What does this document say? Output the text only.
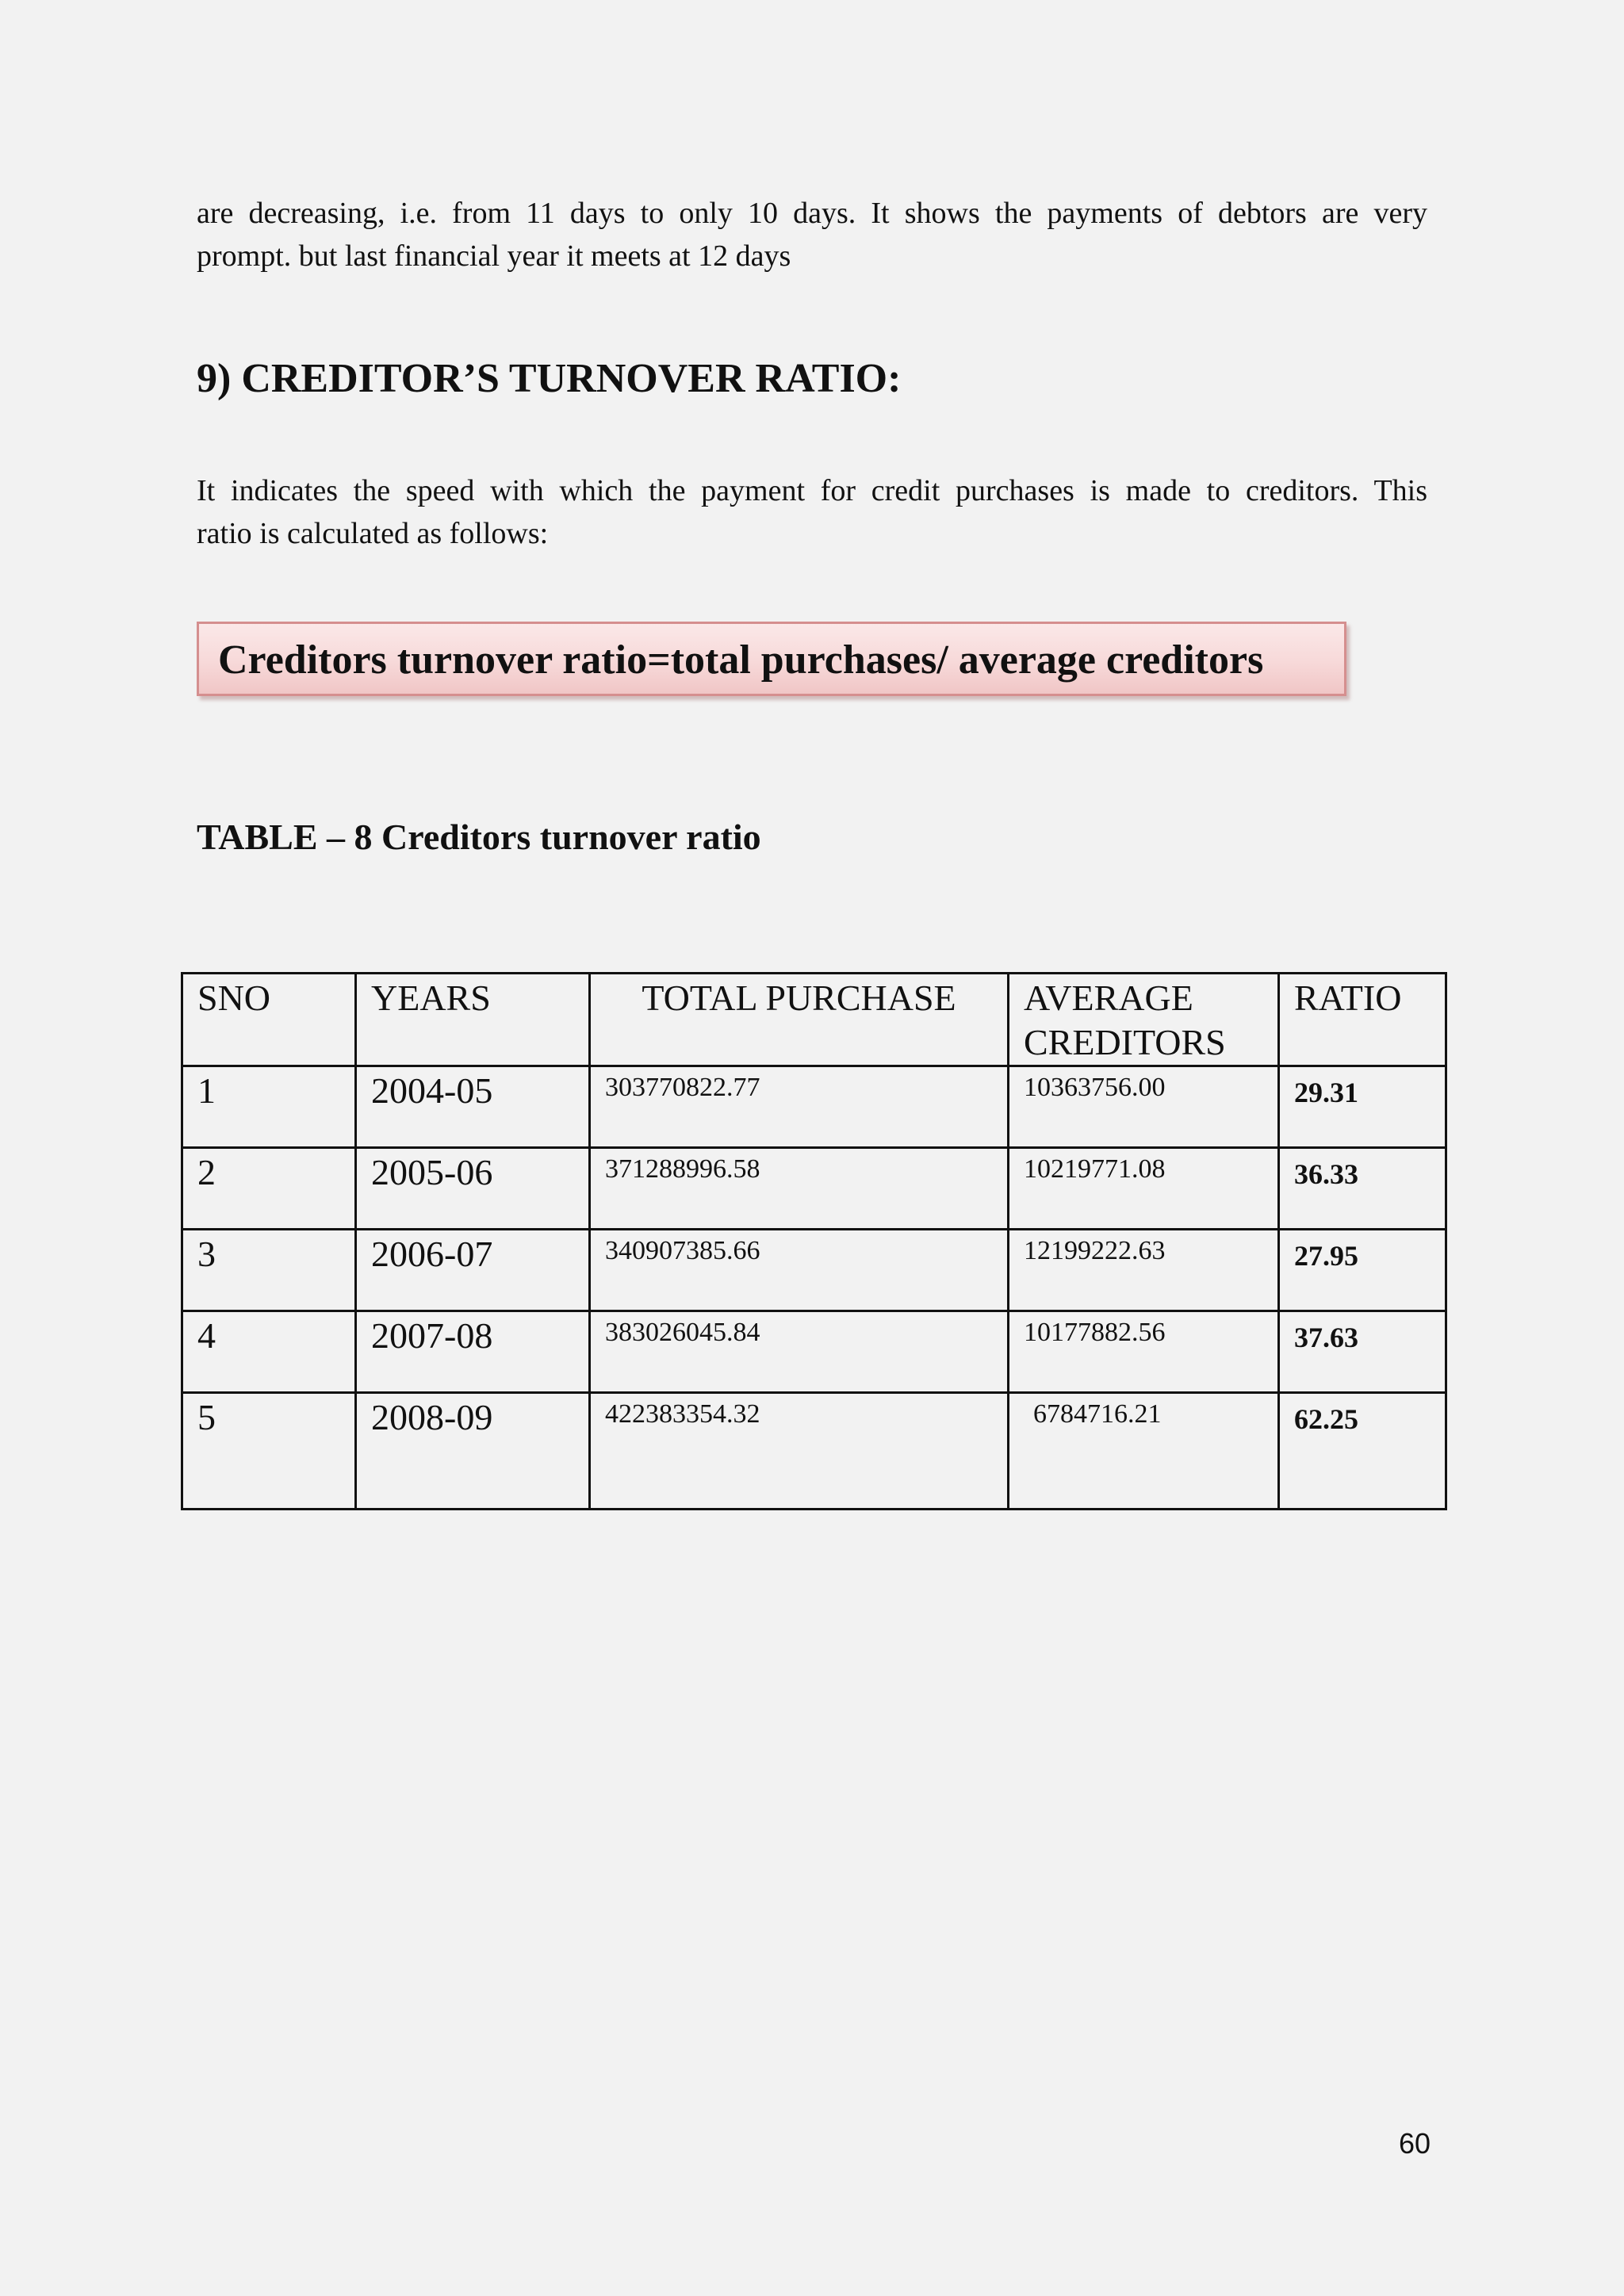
are decreasing, i.e. from 11 days to only 10 days. It shows the payments of debtors are very
prompt. but last financial year it meets at 12 days

9) CREDITOR’S TURNOVER RATIO:

It indicates the speed with which the payment for credit purchases is made to creditors. This
ratio is calculated as follows:

Creditors turnover ratio=total purchases/ average creditors
TABLE – 8 Creditors turnover ratio
SNO	YEARS	TOTAL PURCHASE	AVERAGE CREDITORS	RATIO

1	2004-05	303770822.77	10363756.00	29.31

2	2005-06	371288996.58	10219771.08	36.33

3	2006-07	340907385.66	12199222.63	27.95

4	2007-08	383026045.84	10177882.56	37.63

5	2008-09	422383354.32	6784716.21	62.25
60
